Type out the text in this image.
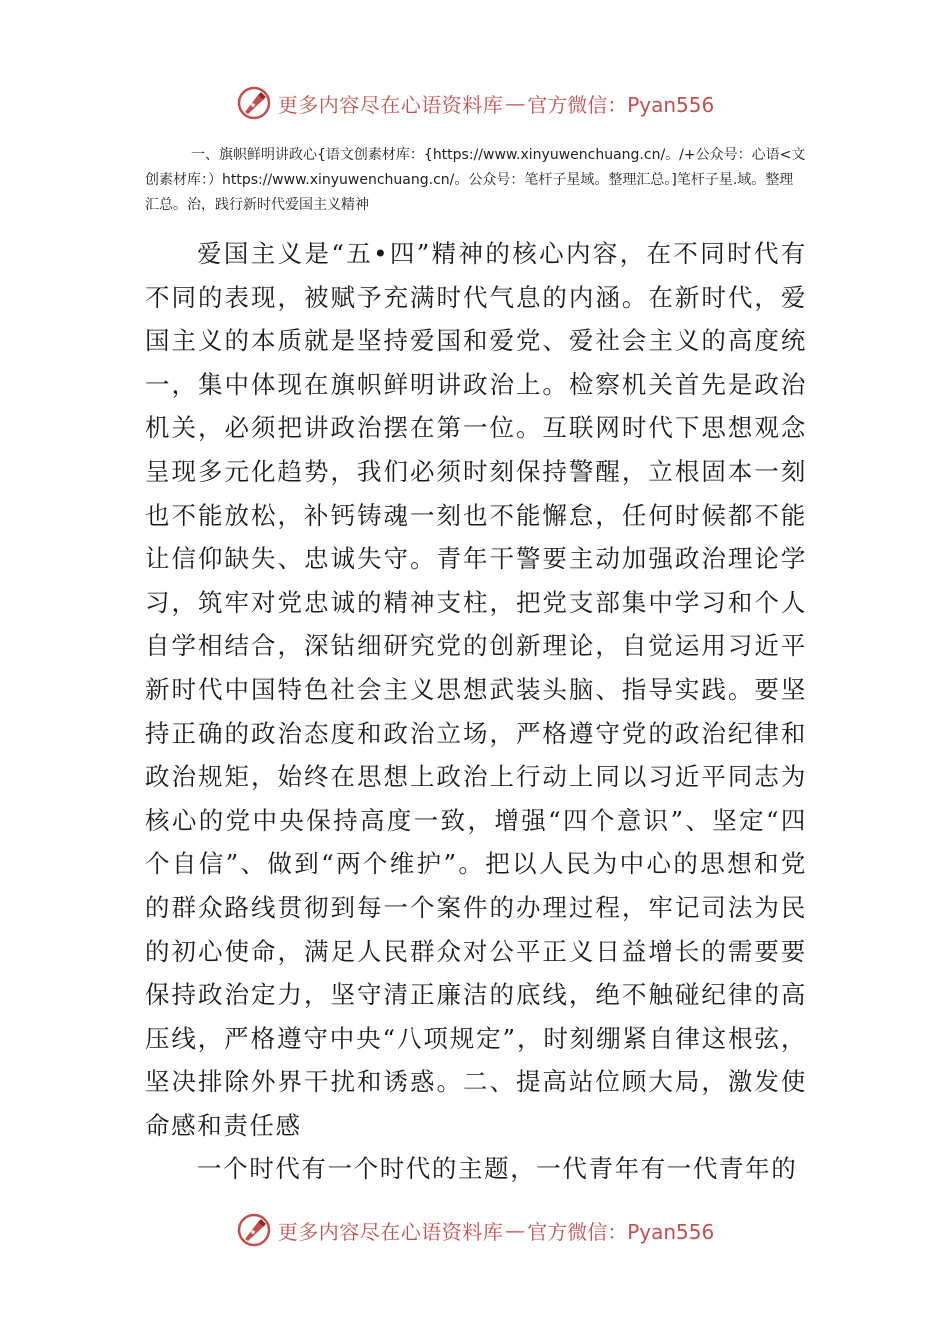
更多内容尽在心语资料库 — 官方微信：Pyan556

一、旗帜鲜明讲政心{语文创素材库：{https://www.xinyuwenchuang.cn/。/+公众号：心语<文创素材库：）https://www.xinyuwenchuang.cn/。公众号：笔杆子星域。整理汇总。]笔杆子星.域。整理汇总。治，践行新时代爱国主义精神

爱国主义是“五•四”精神的核心内容，在不同时代有不同的表现，被赋予充满时代气息的内涵。在新时代，爱国主义的本质就是坚持爱国和爱党、爱社会主义的高度统一，集中体现在旗帜鲜明讲政治上。检察机关首先是政治机关，必须把讲政治摆在第一位。互联网时代下思想观念呈现多元化趋势，我们必须时刻保持警醒，立根固本一刻也不能放松，补钙铸魂一刻也不能懈怠，任何时候都不能让信仰缺失、忠诚失守。青年干警要主动加强政治理论学习，筑牢对党忠诚的精神支柱，把党支部集中学习和个人自学相结合，深钻细研究党的创新理论，自觉运用习近平新时代中国特色社会主义思想武装头脑、指导实践。要坚持正确的政治态度和政治立场，严格遵守党的政治纪律和政治规矩，始终在思想上政治上行动上同以习近平同志为核心的党中央保持高度一致，增强“四个意识”、坚定“四个自信”、做到“两个维护”。把以人民为中心的思想和党的群众路线贯彻到每一个案件的办理过程，牢记司法为民的初心使命，满足人民群众对公平正义日益增长的需要要保持政治定力，坚守清正廉洁的底线，绝不触碰纪律的高压线，严格遵守中央“八项规定”，时刻绷紧自律这根弦，坚决排除外界干扰和诱惑。二、提高站位顾大局，激发使命感和责任感

一个时代有一个时代的主题，一代青年有一代青年的

更多内容尽在心语资料库 — 官方微信：Pyan556
